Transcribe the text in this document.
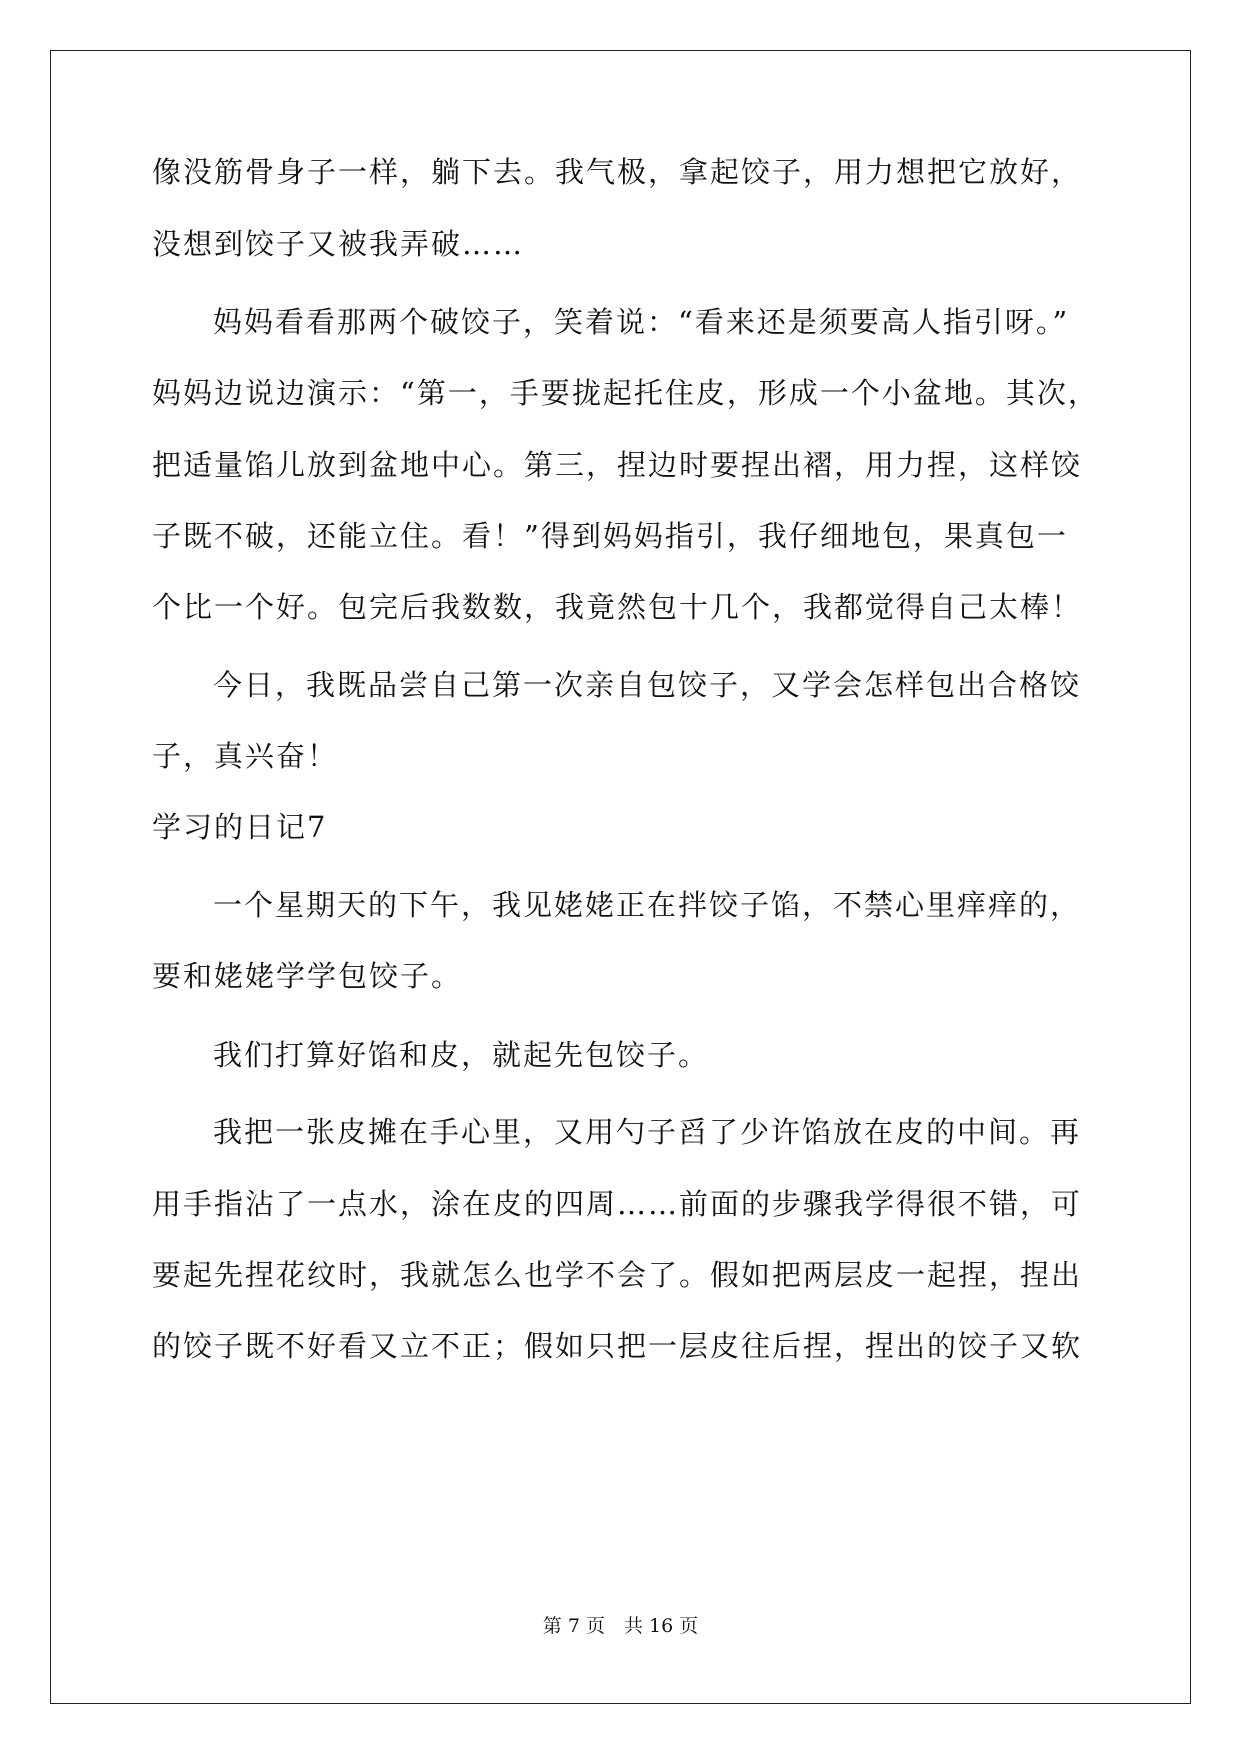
像没筋骨身子一样，躺下去。我气极，拿起饺子，用力想把它放好，
没想到饺子又被我弄破……
妈妈看看那两个破饺子，笑着说：“看来还是须要高人指引呀。”
妈妈边说边演示：“第一，手要拢起托住皮，形成一个小盆地。其次，
把适量馅儿放到盆地中心。第三，捏边时要捏出褶，用力捏，这样饺
子既不破，还能立住。看！”得到妈妈指引，我仔细地包，果真包一
个比一个好。包完后我数数，我竟然包十几个，我都觉得自己太棒！
今日，我既品尝自己第一次亲自包饺子，又学会怎样包出合格饺
子，真兴奋！
学习的日记7
一个星期天的下午，我见姥姥正在拌饺子馅，不禁心里痒痒的，
要和姥姥学学包饺子。
我们打算好馅和皮，就起先包饺子。
我把一张皮摊在手心里，又用勺子舀了少许馅放在皮的中间。再
用手指沾了一点水，涂在皮的四周……前面的步骤我学得很不错，可
要起先捏花纹时，我就怎么也学不会了。假如把两层皮一起捏，捏出
的饺子既不好看又立不正；假如只把一层皮往后捏，捏出的饺子又软
第 7 页　共 16 页
